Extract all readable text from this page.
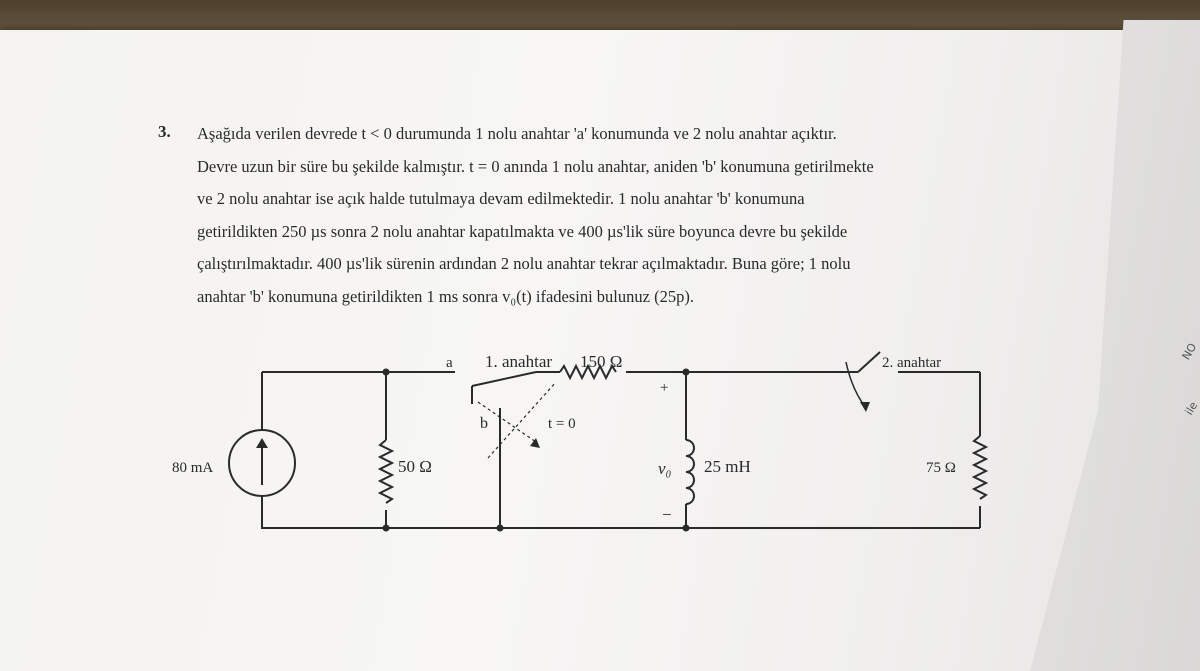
3. Aşağıda verilen devrede t < 0 durumunda 1 nolu anahtar 'a' konumunda ve 2 nolu anahtar açıktır.
Devre uzun bir süre bu şekilde kalmıştır. t = 0 anında 1 nolu anahtar, aniden 'b' konumuna getirilmekte
ve 2 nolu anahtar ise açık halde tutulmaya devam edilmektedir. 1 nolu anahtar 'b' konumuna
getirildikten 250 µs sonra 2 nolu anahtar kapatılmakta ve 400 µs'lik süre boyunca devre bu şekilde
çalıştırılmaktadır. 400 µs'lik sürenin ardından 2 nolu anahtar tekrar açılmaktadır. Buna göre; 1 nolu
anahtar 'b' konumuna getirildikten 1 ms sonra v₀(t) ifadesini bulunuz (25p).
NO
ile
80 mA	50 Ω
a 1. anahtar 150 Ω
b	t = 0
+
−
v₀ 25 mH
2. anahtar
75 Ω
